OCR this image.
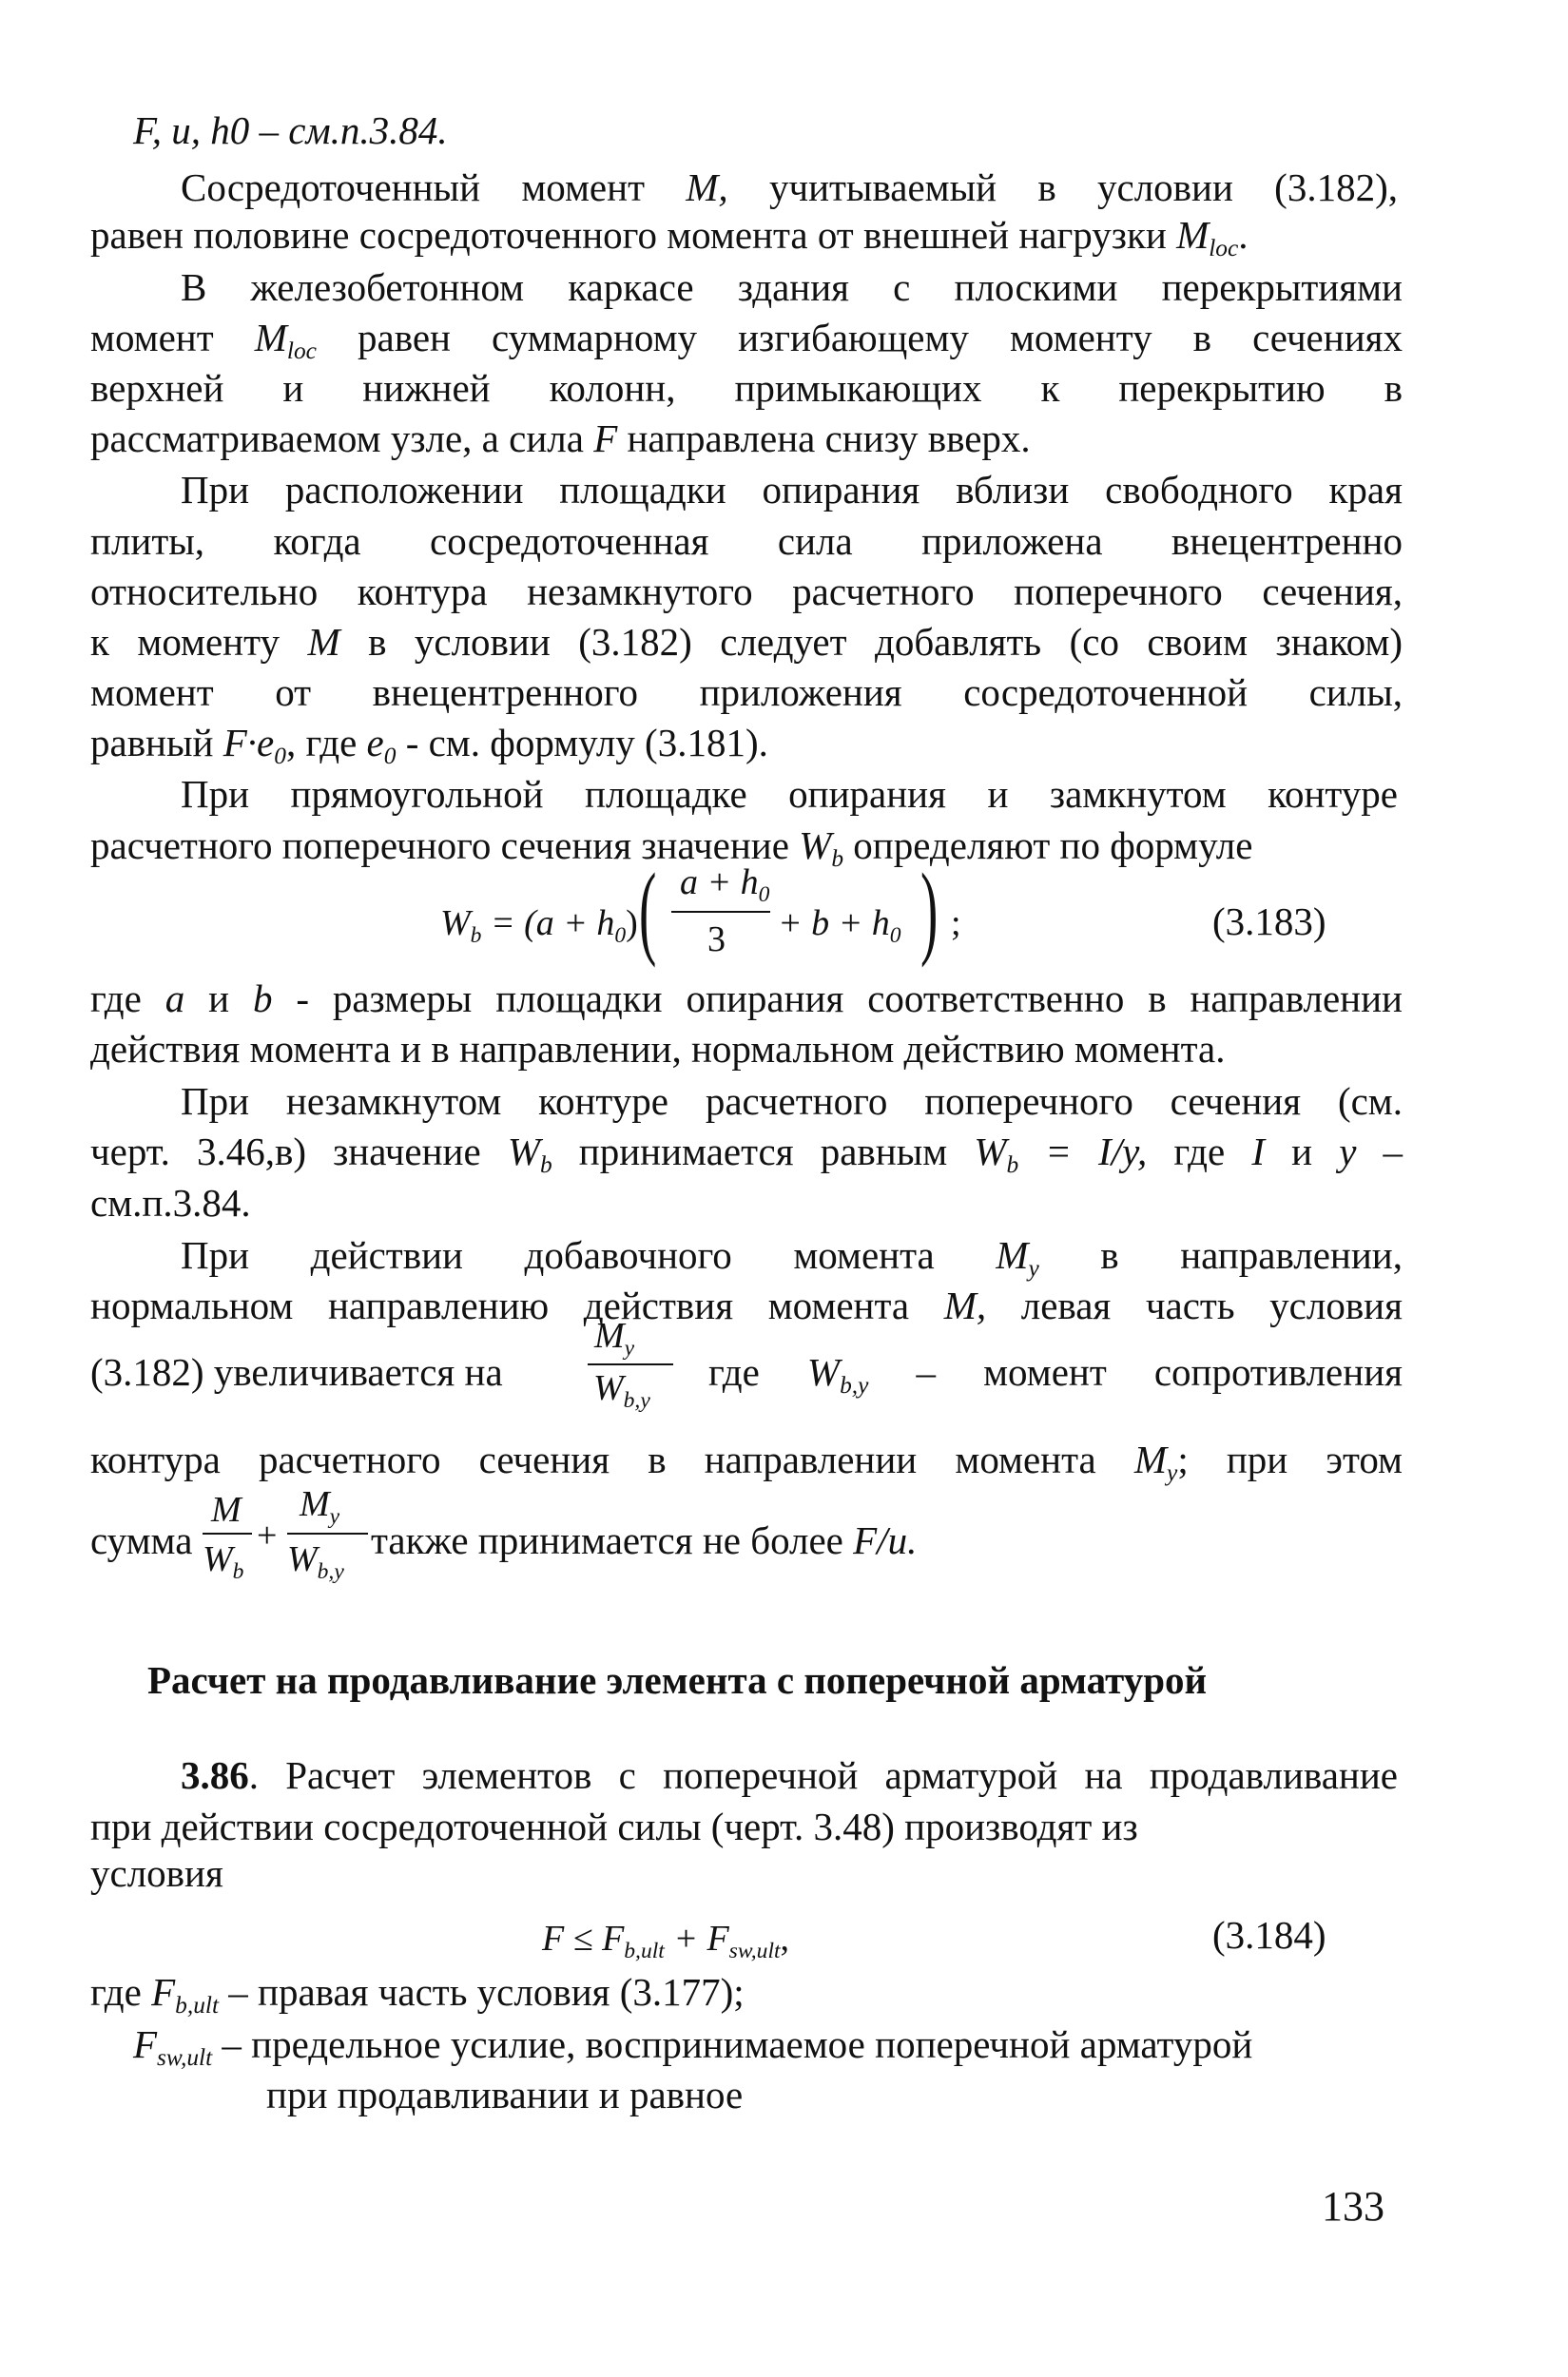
F, u, h0 – см.п.3.84.
Сосредоточенный момент M, учитываемый в условии (3.182),
равен половине сосредоточенного момента от внешней нагрузки Mloc.
В железобетонном каркасе здания с плоскими перекрытиями
момент Mloc равен суммарному изгибающему моменту в сечениях
верхней и нижней колонн, примыкающих к перекрытию в
рассматриваемом узле, а сила F направлена снизу вверх.
При расположении площадки опирания вблизи свободного края
плиты, когда сосредоточенная сила приложена внецентренно
относительно контура незамкнутого расчетного поперечного сечения,
к моменту M в условии (3.182) следует добавлять (со своим знаком)
момент от внецентренного приложения сосредоточенной силы,
равный F·e0, где e0 - см. формулу (3.181).
При прямоугольной площадке опирания и замкнутом контуре
расчетного поперечного сечения значение Wb определяют по формуле
Wb = (a + h0) ( a + h0
3 + b + h0 ) ;	(3.183)
где a и b - размеры площадки опирания соответственно в направлении
действия момента и в направлении, нормальном действию момента.
При незамкнутом контуре расчетного поперечного сечения (см.
черт. 3.46,в) значение Wb принимается равным Wb = I/y, где I и y –
см.п.3.84.
При действии добавочного момента My в направлении,
нормальном направлению действия момента M, левая часть условия
(3.182) увеличивается на
My
Wb,y
где Wb,y – момент сопротивления
контура расчетного сечения в направлении момента My; при этом
сумма
M
Wb
+
My
Wb,y
также принимается не более F/u.
Расчет на продавливание элемента с поперечной арматурой
3.86. Расчет элементов с поперечной арматурой на продавливание
при действии сосредоточенной силы (черт. 3.48) производят из
условия
F ≤ Fb,ult + Fsw,ult,	(3.184)
где Fb,ult – правая часть условия (3.177);
Fsw,ult – предельное усилие, воспринимаемое поперечной арматурой
при продавливании и равное
133
